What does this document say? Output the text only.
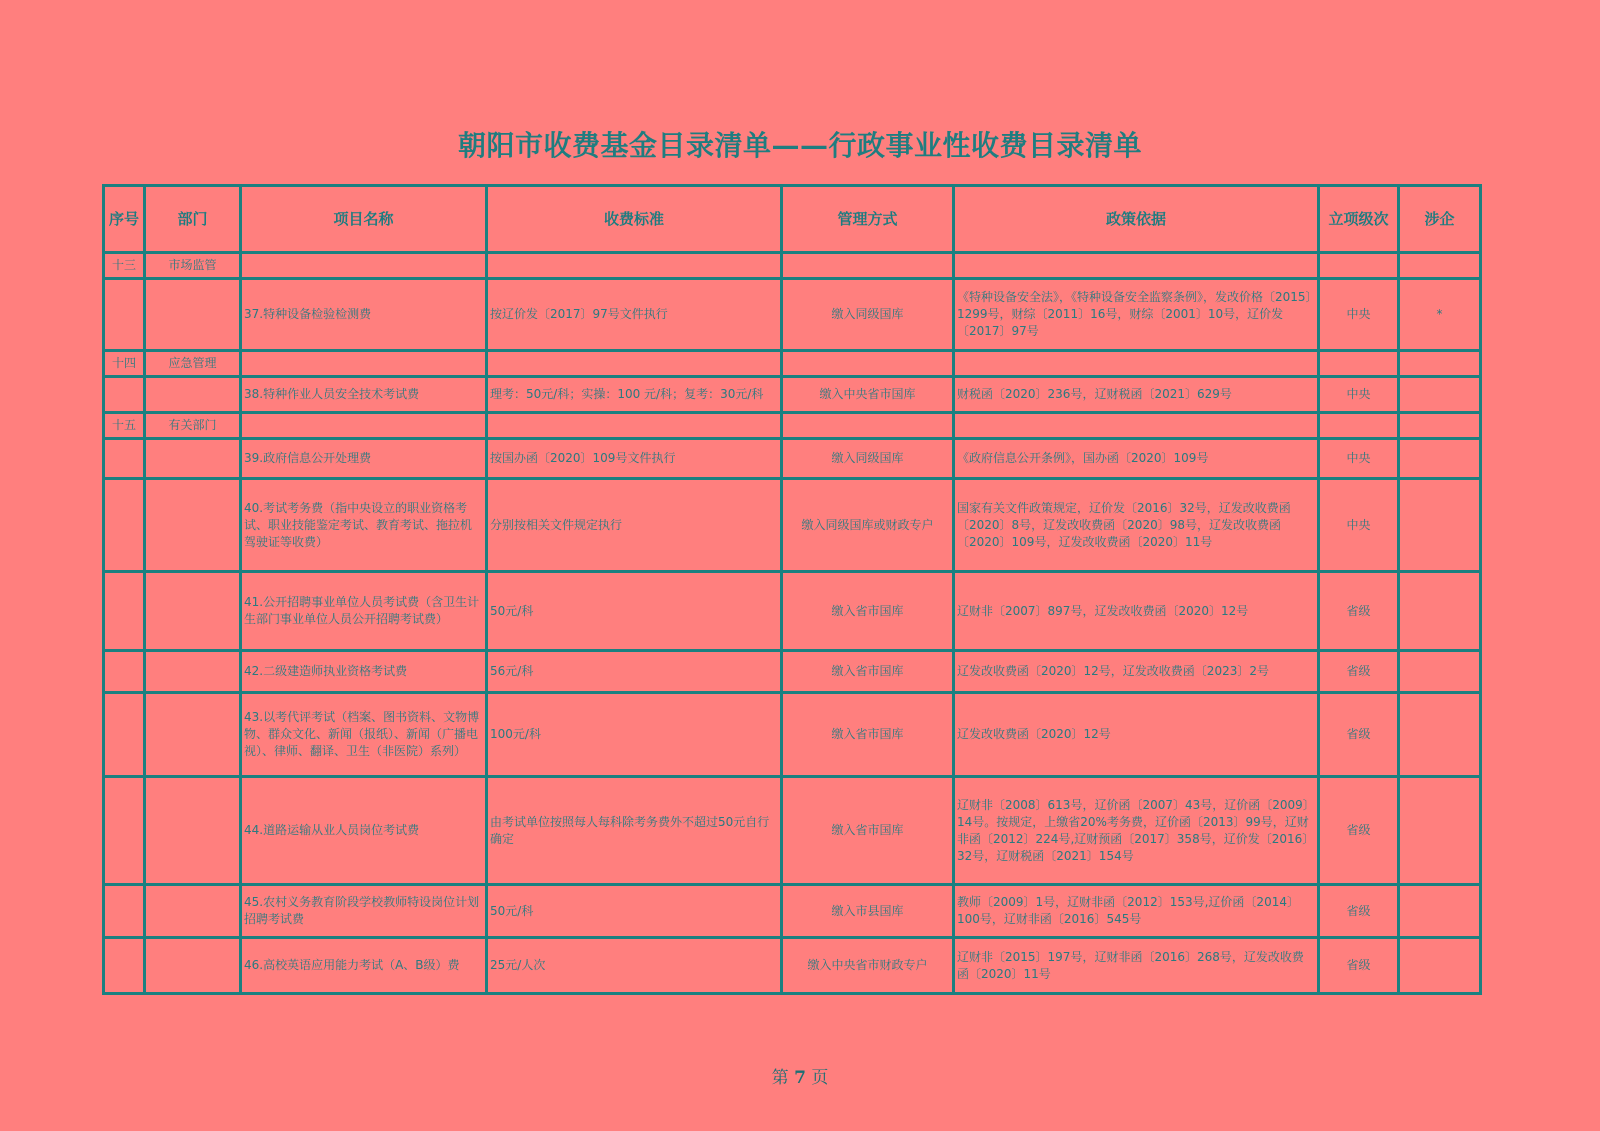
朝阳市收费基金目录清单——行政事业性收费目录清单
序号	部门	项目名称	收费标准	管理方式	政策依据	立项级次	涉企
十三	市场监管						
		37.特种设备检验检测费	按辽价发〔2017〕97号文件执行	缴入同级国库	《特种设备安全法》，《特种设备安全监察条例》，发改价格〔2015〕1299号，财综〔2011〕16号，财综〔2001〕10号，辽价发〔2017〕97号	中央	*
十四	应急管理						
		38.特种作业人员安全技术考试费	理考：50元/科；实操：100 元/科；复考：30元/科	缴入中央省市国库	财税函〔2020〕236号，辽财税函〔2021〕629号	中央	
十五	有关部门						
		39.政府信息公开处理费	按国办函〔2020〕109号文件执行	缴入同级国库	《政府信息公开条例》，国办函〔2020〕109号	中央	
		40.考试考务费（指中央设立的职业资格考试、职业技能鉴定考试、教育考试、拖拉机驾驶证等收费）	分别按相关文件规定执行	缴入同级国库或财政专户	国家有关文件政策规定，辽价发〔2016〕32号，辽发改收费函〔2020〕8号，辽发改收费函〔2020〕98号，辽发改收费函〔2020〕109号，辽发改收费函〔2020〕11号	中央	
		41.公开招聘事业单位人员考试费（含卫生计生部门事业单位人员公开招聘考试费）	50元/科	缴入省市国库	辽财非〔2007〕897号，辽发改收费函〔2020〕12号	省级	
		42.二级建造师执业资格考试费	56元/科	缴入省市国库	辽发改收费函〔2020〕12号，辽发改收费函〔2023〕2号	省级	
		43.以考代评考试（档案、图书资料、文物博物、群众文化、新闻（报纸）、新闻（广播电视）、律师、翻译、卫生（非医院）系列）	100元/科	缴入省市国库	辽发改收费函〔2020〕12号	省级	
		44.道路运输从业人员岗位考试费	由考试单位按照每人每科除考务费外不超过50元自行确定	缴入省市国库	辽财非〔2008〕613号，辽价函〔2007〕43号，辽价函〔2009〕14号。按规定，上缴省20%考务费，辽价函〔2013〕99号，辽财非函〔2012〕224号,辽财预函〔2017〕358号，辽价发〔2016〕32号，辽财税函〔2021〕154号	省级	
		45.农村义务教育阶段学校教师特设岗位计划招聘考试费	50元/科	缴入市县国库	教师〔2009〕1号，辽财非函〔2012〕153号,辽价函〔2014〕100号，辽财非函〔2016〕545号	省级	
		46.高校英语应用能力考试（A、B级）费	25元/人次	缴入中央省市财政专户	辽财非〔2015〕197号，辽财非函〔2016〕268号，辽发改收费函〔2020〕11号	省级	
第 7 页
